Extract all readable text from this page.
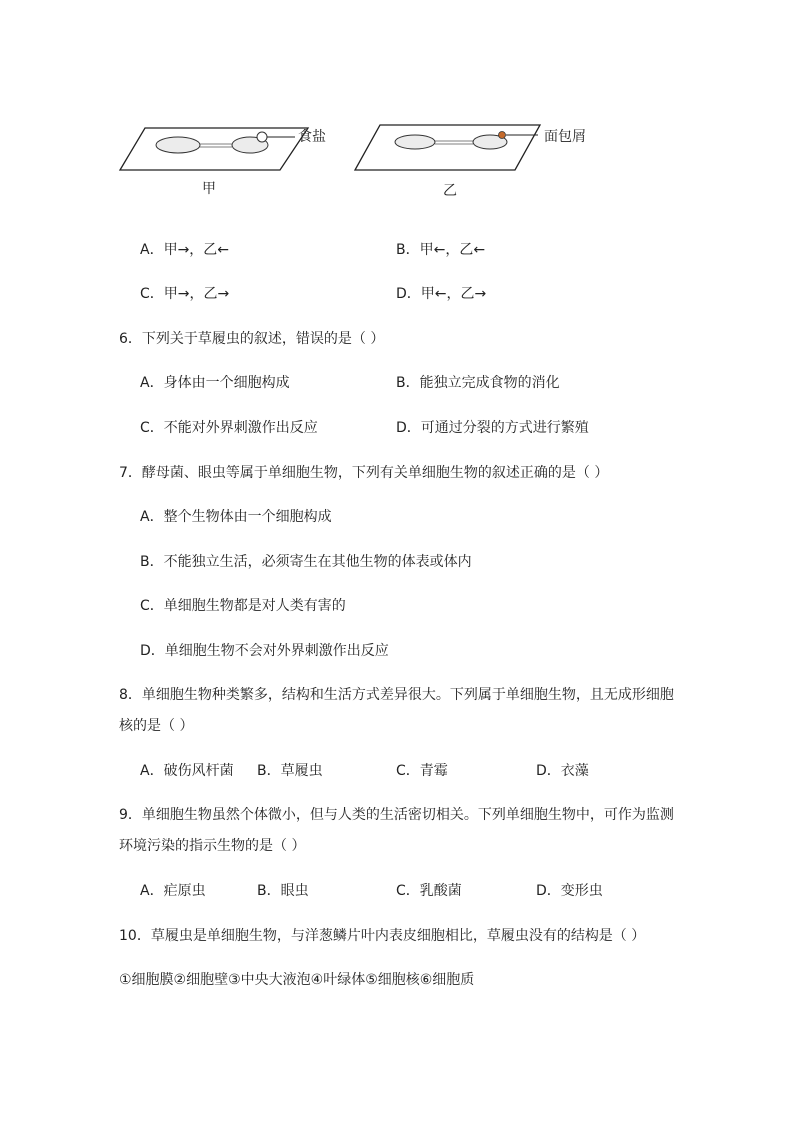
食盐	面包屑
甲	乙
A．甲→，乙←	B．甲←，乙←
C．甲→，乙→	D．甲←，乙→
6．下列关于草履虫的叙述，错误的是（ ）
A．身体由一个细胞构成	B．能独立完成食物的消化
C．不能对外界刺激作出反应	D．可通过分裂的方式进行繁殖
7．酵母菌、眼虫等属于单细胞生物，下列有关单细胞生物的叙述正确的是（ ）
A．整个生物体由一个细胞构成
B．不能独立生活，必须寄生在其他生物的体表或体内
C．单细胞生物都是对人类有害的
D．单细胞生物不会对外界刺激作出反应
8．单细胞生物种类繁多，结构和生活方式差异很大。下列属于单细胞生物，且无成形细胞
核的是（ ）
A．破伤风杆菌 B．草履虫	C．青霉	D．衣藻
9．单细胞生物虽然个体微小，但与人类的生活密切相关。下列单细胞生物中，可作为监测
环境污染的指示生物的是（ ）
A．疟原虫	B．眼虫	C．乳酸菌	D．变形虫
10．草履虫是单细胞生物，与洋葱鳞片叶内表皮细胞相比，草履虫没有的结构是（ ）
①细胞膜②细胞壁③中央大液泡④叶绿体⑤细胞核⑥细胞质
